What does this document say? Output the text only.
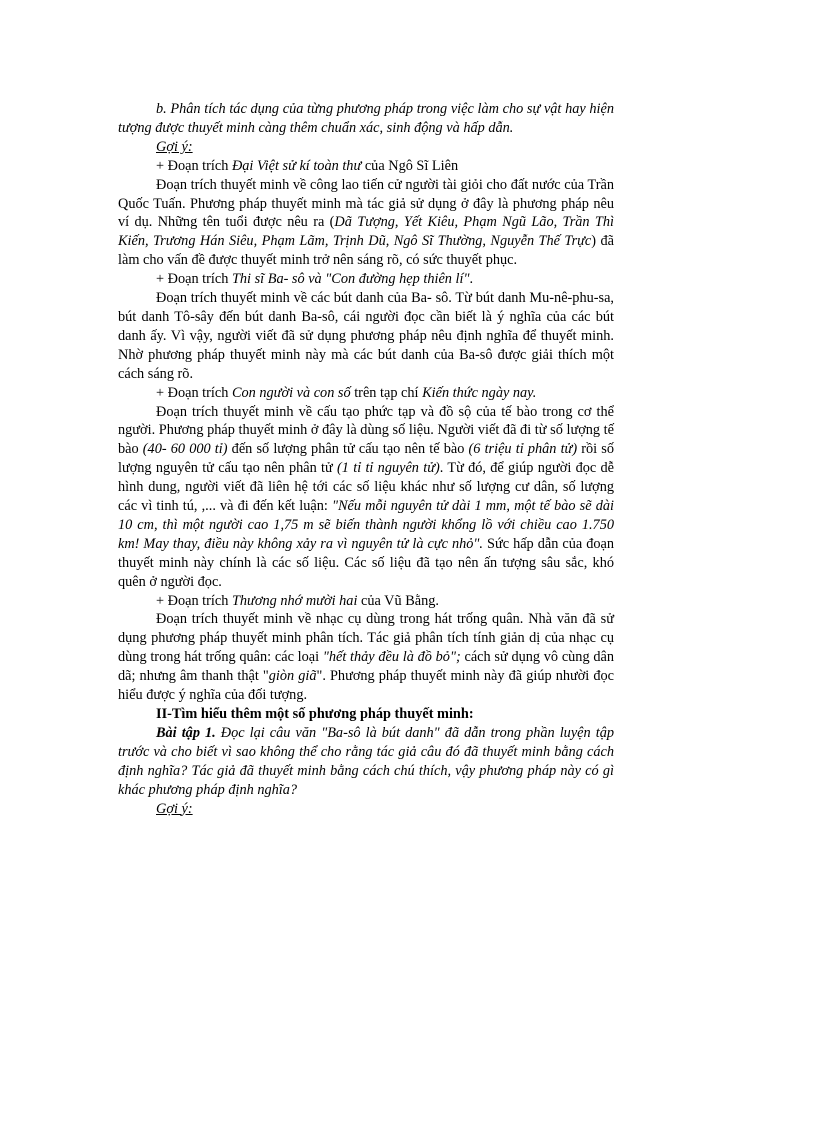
b. Phân tích tác dụng của từng phương pháp trong việc làm cho sự vật hay hiện tượng được thuyết minh càng thêm chuẩn xác, sinh động và hấp dẫn.

Gợi ý:

+ Đoạn trích Đại Việt sử kí toàn thư của Ngô Sĩ Liên

Đoạn trích thuyết minh về công lao tiến cử người tài giỏi cho đất nước của Trần Quốc Tuấn. Phương pháp thuyết minh mà tác giả sử dụng ở đây là phương pháp nêu ví dụ. Những tên tuổi được nêu ra (Dã Tượng, Yết Kiêu, Phạm Ngũ Lão, Trần Thì Kiến, Trương Hán Siêu, Phạm Lãm, Trịnh Dũ, Ngô Sĩ Thường, Nguyễn Thế Trực) đã làm cho vấn đề được thuyết minh trở nên sáng rõ, có sức thuyết phục.

+ Đoạn trích Thi sĩ Ba- sô và "Con đường hẹp thiên lí".

Đoạn trích thuyết minh về các bút danh của Ba- sô. Từ bút danh Mu-nê-phu-sa, bút danh Tô-sây đến bút danh Ba-sô, cái người đọc cần biết là ý nghĩa của các bút danh ấy. Vì vậy, người viết đã sử dụng phương pháp nêu định nghĩa để thuyết minh. Nhờ phương pháp thuyết minh này mà các bút danh của Ba-sô được giải thích một cách sáng rõ.

+ Đoạn trích Con người và con số trên tạp chí Kiến thức ngày nay.

Đoạn trích thuyết minh về cấu tạo phức tạp và đồ sộ của tế bào trong cơ thể người. Phương pháp thuyết minh ở đây là dùng số liệu. Người viết đã đi từ số lượng tế bào (40- 60 000 tỉ) đến số lượng phân tử cấu tạo nên tế bào (6 triệu tỉ phân tử) rồi số lượng nguyên tử cấu tạo nên phân tử (1 tỉ tỉ nguyên tử). Từ đó, để giúp người đọc dễ hình dung, người viết đã liên hệ tới các số liệu khác như số lượng cư dân, số lượng các vì tinh tú, ,... và đi đến kết luận: "Nếu mỗi nguyên tử dài 1 mm, một tế bào sẽ dài 10 cm, thì một người cao 1,75 m sẽ biến thành người khổng lồ với chiều cao 1.750 km! May thay, điều này không xảy ra vì nguyên tử là cực nhỏ". Sức hấp dẫn của đoạn thuyết minh này chính là các số liệu. Các số liệu đã tạo nên ấn tượng sâu sắc, khó quên ở người đọc.

+ Đoạn trích Thương nhớ mười hai của Vũ Bằng.

Đoạn trích thuyết minh về nhạc cụ dùng trong hát trống quân. Nhà văn đã sử dụng phương pháp thuyết minh phân tích. Tác giả phân tích tính giản dị của nhạc cụ dùng trong hát trống quân: các loại "hết thảy đều là đồ bỏ"; cách sử dụng vô cùng dân dã; nhưng âm thanh thật "giòn giã". Phương pháp thuyết minh này đã giúp nhười đọc hiểu được ý nghĩa của đối tượng.

II-Tìm hiểu thêm một số phương pháp thuyết minh:

Bài tập 1. Đọc lại câu văn "Ba-sô là bút danh" đã dẫn trong phần luyện tập trước và cho biết vì sao không thể cho rằng tác giả câu đó đã thuyết minh bằng cách định nghĩa? Tác giả đã thuyết minh bằng cách chú thích, vậy phương pháp này có gì khác phương pháp định nghĩa?

Gợi ý:
